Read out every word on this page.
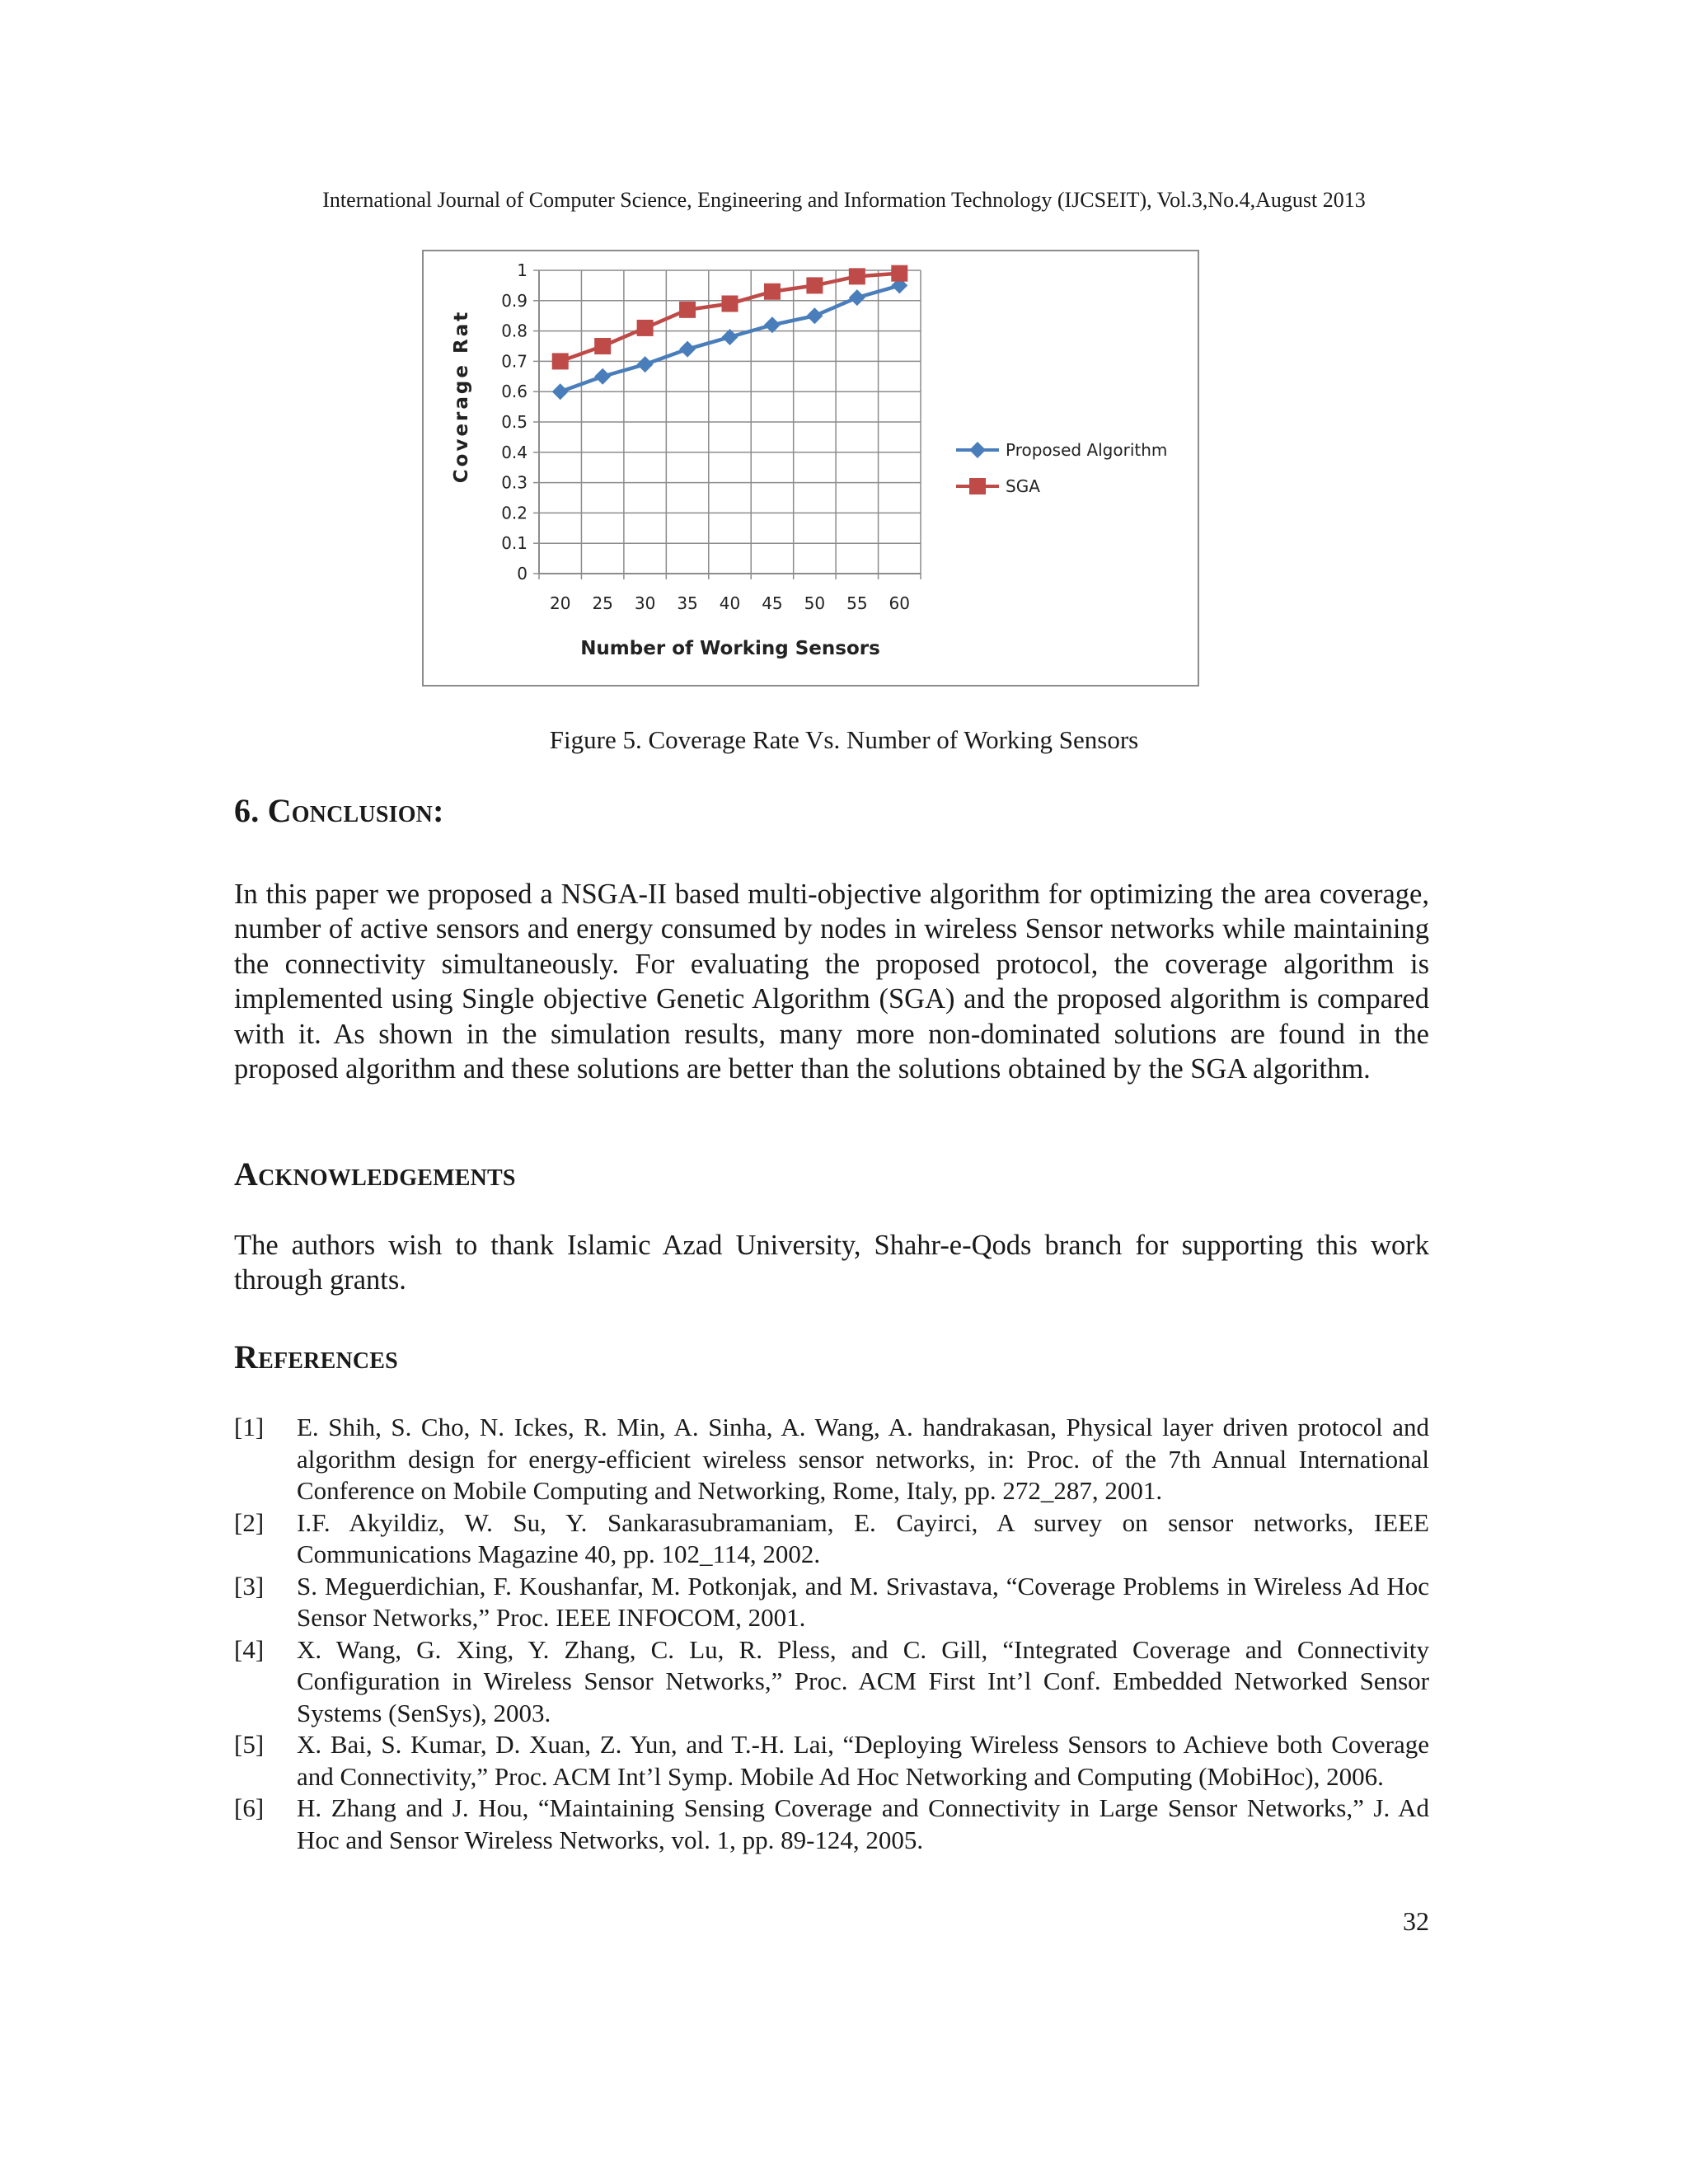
International Journal of Computer Science, Engineering and Information Technology (IJCSEIT), Vol.3,No.4,August 2013
0
0.1
0.2
0.3
0.4
0.5
0.6
0.7
0.8
0.9
1
20 25 30 35 40 45 50 55 60
Proposed Algorithm
SGA
Number of Working Sensors
Coverage Rat
Figure 5. Coverage Rate Vs. Number of Working Sensors
6. Conclusion:

In this paper we proposed a NSGA-II based multi-objective algorithm for optimizing the area coverage, number of active sensors and energy consumed by nodes in wireless Sensor networks while maintaining the connectivity simultaneously. For evaluating the proposed protocol, the coverage algorithm is implemented using Single objective Genetic Algorithm (SGA) and the proposed algorithm is compared with it. As shown in the simulation results, many more non-dominated solutions are found in the proposed algorithm and these solutions are better than the solutions obtained by the SGA algorithm.

Acknowledgements

The authors wish to thank Islamic Azad University, Shahr-e-Qods branch for supporting this work through grants.

References
[1]	E. Shih, S. Cho, N. Ickes, R. Min, A. Sinha, A. Wang, A. handrakasan, Physical layer driven protocol and algorithm design for energy-efficient wireless sensor networks, in: Proc. of the 7th Annual International Conference on Mobile Computing and Networking, Rome, Italy, pp. 272_287, 2001.
[2]	I.F. Akyildiz, W. Su, Y. Sankarasubramaniam, E. Cayirci, A survey on sensor networks, IEEE Communications Magazine 40, pp. 102_114, 2002.
[3]	S. Meguerdichian, F. Koushanfar, M. Potkonjak, and M. Srivastava, “Coverage Problems in Wireless Ad Hoc Sensor Networks,” Proc. IEEE INFOCOM, 2001.
[4]	X. Wang, G. Xing, Y. Zhang, C. Lu, R. Pless, and C. Gill, “Integrated Coverage and Connectivity Configuration in Wireless Sensor Networks,” Proc. ACM First Int’l Conf. Embedded Networked Sensor Systems (SenSys), 2003.
[5]	X. Bai, S. Kumar, D. Xuan, Z. Yun, and T.-H. Lai, “Deploying Wireless Sensors to Achieve both Coverage and Connectivity,” Proc. ACM Int’l Symp. Mobile Ad Hoc Networking and Computing (MobiHoc), 2006.
[6]	H. Zhang and J. Hou, “Maintaining Sensing Coverage and Connectivity in Large Sensor Networks,” J. Ad Hoc and Sensor Wireless Networks, vol. 1, pp. 89-124, 2005.
32
